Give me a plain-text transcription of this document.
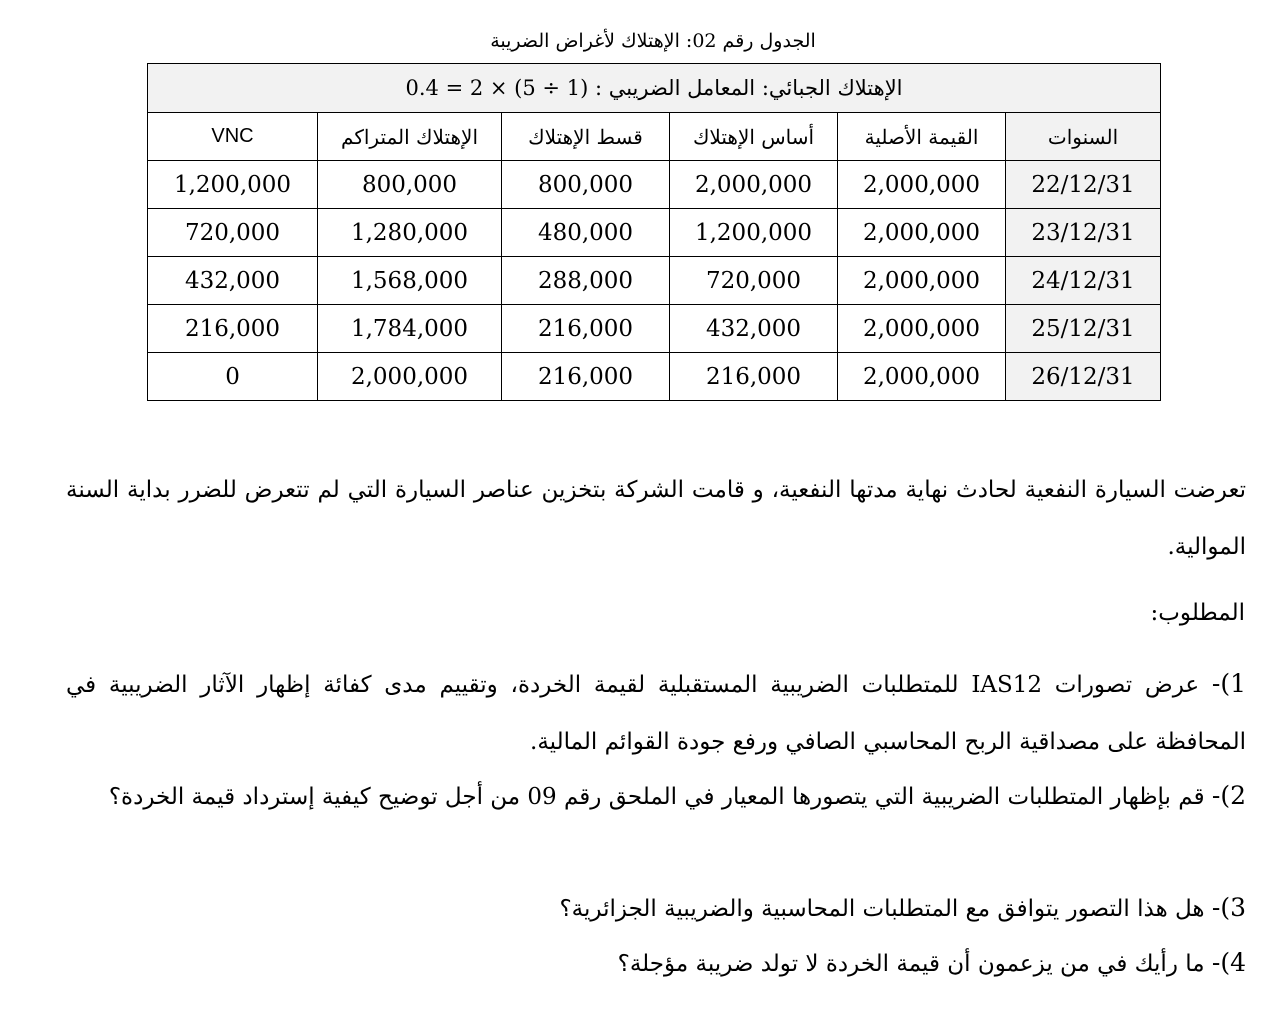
الجدول رقم 02: الإهتلاك لأغراض الضريبة
الإهتلاك الجبائي: المعامل الضريبي : (1 ÷ 5) × 2 = 0.4					
السنوات	القيمة الأصلية	أساس الإهتلاك	قسط الإهتلاك	الإهتلاك المتراكم	VNC
22/12/31	2,000,000	2,000,000	800,000	800,000	1,200,000
23/12/31	2,000,000	1,200,000	480,000	1,280,000	720,000
24/12/31	2,000,000	720,000	288,000	1,568,000	432,000
25/12/31	2,000,000	432,000	216,000	1,784,000	216,000
26/12/31	2,000,000	216,000	216,000	2,000,000	0
تعرضت السيارة النفعية لحادث نهاية مدتها النفعية، و قامت الشركة بتخزين عناصر السيارة التي لم تتعرض للضرر بداية السنة الموالية.
المطلوب:
1)- عرض تصورات IAS12 للمتطلبات الضريبية المستقبلية لقيمة الخردة، وتقييم مدى كفائة إظهار الآثار الضريبية في المحافظة على مصداقية الربح المحاسبي الصافي ورفع جودة القوائم المالية.
2)- قم بإظهار المتطلبات الضريبية التي يتصورها المعيار في الملحق رقم 09 من أجل توضيح كيفية إسترداد قيمة الخردة؟
3)- هل هذا التصور يتوافق مع المتطلبات المحاسبية والضريبية الجزائرية؟
4)- ما رأيك في من يزعمون أن قيمة الخردة لا تولد ضريبة مؤجلة؟
